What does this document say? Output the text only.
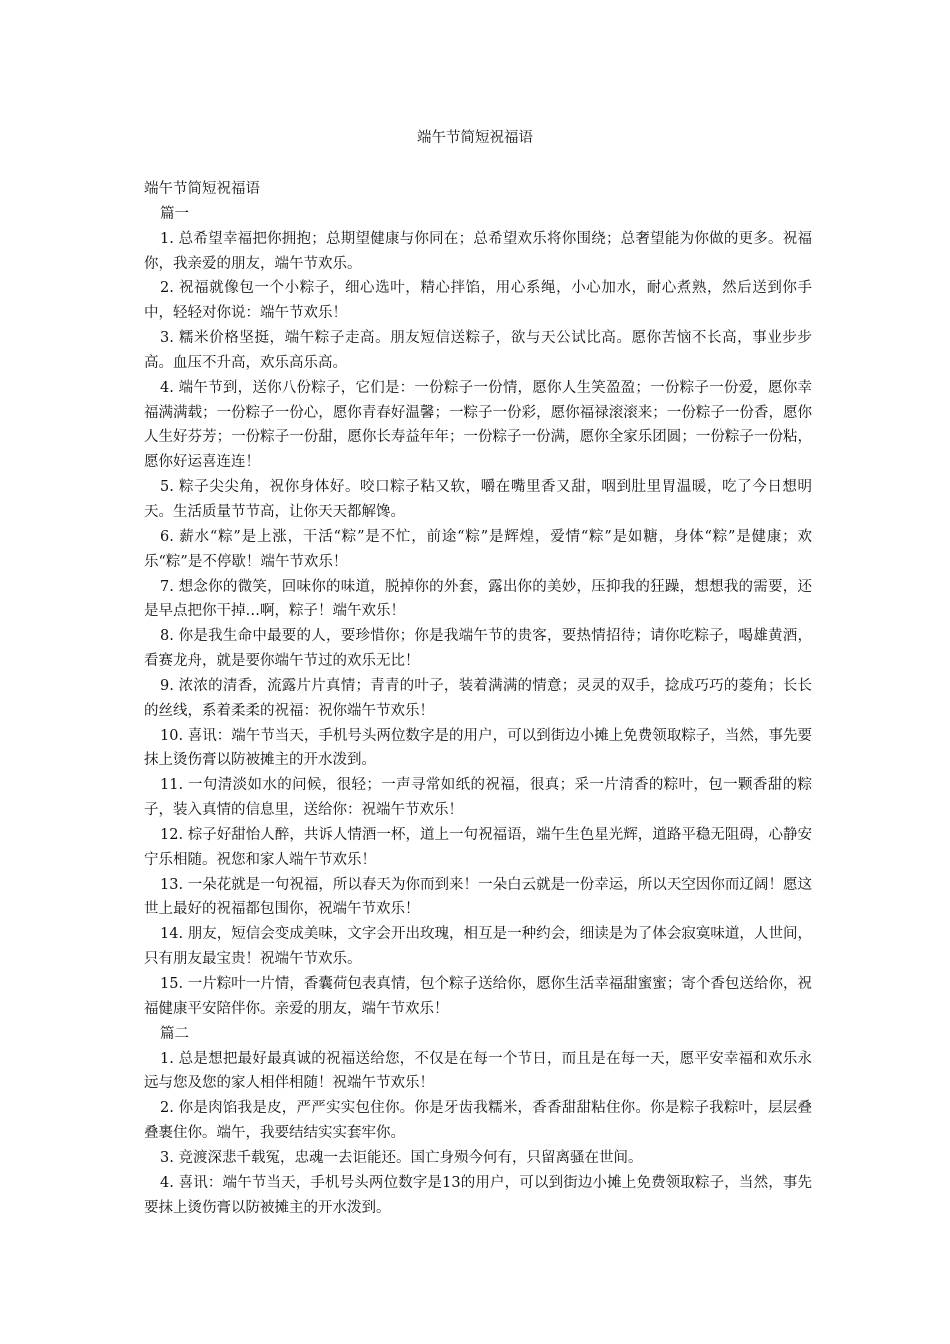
端午节简短祝福语

端午节简短祝福语

篇一

1. 总希望幸福把你拥抱；总期望健康与你同在；总希望欢乐将你围绕；总奢望能为你做的更多。祝福你，我亲爱的朋友，端午节欢乐。

2. 祝福就像包一个小粽子，细心选叶，精心拌馅，用心系绳，小心加水，耐心煮熟，然后送到你手中，轻轻对你说：端午节欢乐！

3. 糯米价格坚挺，端午粽子走高。朋友短信送粽子，欲与天公试比高。愿你苦恼不长高，事业步步高。血压不升高，欢乐高乐高。

4. 端午节到，送你八份粽子，它们是：一份粽子一份情，愿你人生笑盈盈；一份粽子一份爱，愿你幸福满满载；一份粽子一份心，愿你青春好温馨；一粽子一份彩，愿你福禄滚滚来；一份粽子一份香，愿你人生好芬芳；一份粽子一份甜，愿你长寿益年年；一份粽子一份满，愿你全家乐团圆；一份粽子一份粘，愿你好运喜连连！

5. 粽子尖尖角，祝你身体好。咬口粽子粘又软，嚼在嘴里香又甜，咽到肚里胃温暖，吃了今日想明天。生活质量节节高，让你天天都解馋。

6. 薪水“粽”是上涨，干活“粽”是不忙，前途“粽”是辉煌，爱情“粽”是如糖，身体“粽”是健康；欢乐“粽”是不停歇！端午节欢乐！

7. 想念你的微笑，回味你的味道，脱掉你的外套，露出你的美妙，压抑我的狂躁，想想我的需要，还是早点把你干掉…啊，粽子！端午欢乐！

8. 你是我生命中最要的人，要珍惜你；你是我端午节的贵客，要热情招待；请你吃粽子，喝雄黄酒，看赛龙舟，就是要你端午节过的欢乐无比！

9. 浓浓的清香，流露片片真情；青青的叶子，装着满满的情意；灵灵的双手，捻成巧巧的菱角；长长的丝线，系着柔柔的祝福：祝你端午节欢乐！

10. 喜讯：端午节当天，手机号头两位数字是的用户，可以到街边小摊上免费领取粽子，当然，事先要抹上烫伤膏以防被摊主的开水泼到。

11. 一句清淡如水的问候，很轻；一声寻常如纸的祝福，很真；采一片清香的粽叶，包一颗香甜的粽子，装入真情的信息里，送给你：祝端午节欢乐！

12. 棕子好甜怡人醉，共诉人情酒一杯，道上一句祝福语，端午生色星光辉，道路平稳无阻碍，心静安宁乐相随。祝您和家人端午节欢乐！

13. 一朵花就是一句祝福，所以春天为你而到来！一朵白云就是一份幸运，所以天空因你而辽阔！愿这世上最好的祝福都包围你，祝端午节欢乐！

14. 朋友，短信会变成美味，文字会开出玫瑰，相互是一种约会，细读是为了体会寂寞味道，人世间，只有朋友最宝贵！祝端午节欢乐。

15. 一片粽叶一片情，香囊荷包表真情，包个粽子送给你，愿你生活幸福甜蜜蜜；寄个香包送给你，祝福健康平安陪伴你。亲爱的朋友，端午节欢乐！

篇二

1. 总是想把最好最真诚的祝福送给您，不仅是在每一个节日，而且是在每一天，愿平安幸福和欢乐永远与您及您的家人相伴相随！祝端午节欢乐！

2. 你是肉馅我是皮，严严实实包住你。你是牙齿我糯米，香香甜甜粘住你。你是粽子我粽叶，层层叠叠裹住你。端午，我要结结实实套牢你。

3. 竞渡深悲千载冤，忠魂一去讵能还。国亡身殒今何有，只留离骚在世间。

4. 喜讯：端午节当天，手机号头两位数字是13的用户，可以到街边小摊上免费领取粽子，当然，事先要抹上烫伤膏以防被摊主的开水泼到。
